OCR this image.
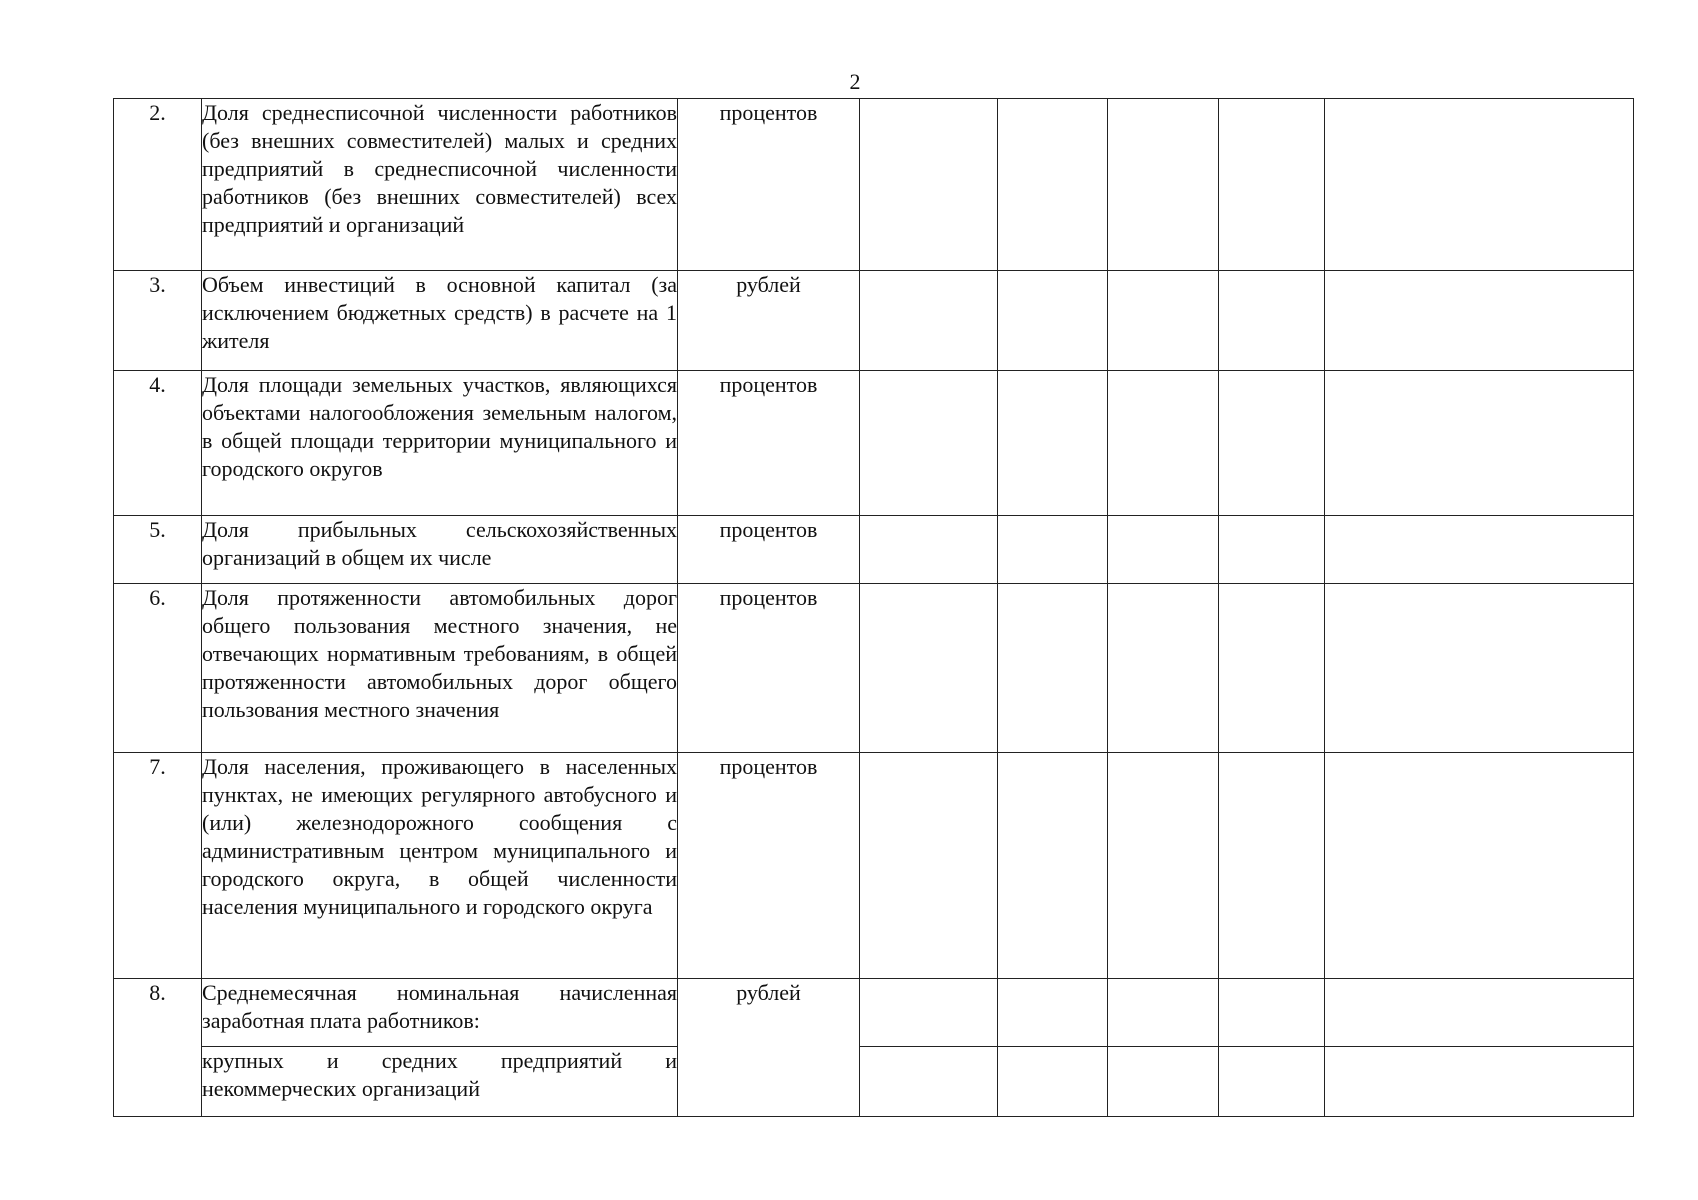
2
2.	Доля среднесписочной численности работников (без внешних совместителей) малых и средних предприятий в среднесписочной численности работников (без внешних совместителей) всех предприятий и организаций	процентов					
3.	Объем инвестиций в основной капитал (за исключением бюджетных средств) в расчете на 1 жителя	рублей					
4.	Доля площади земельных участков, являющихся объектами налогообложения земельным налогом, в общей площади территории муниципального и городского округов	процентов					
5.	Доля прибыльных сельскохозяйственных организаций в общем их числе	процентов					
6.	Доля протяженности автомобильных дорог общего пользования местного значения, не отвечающих нормативным требованиям, в общей протяженности автомобильных дорог общего пользования местного значения	процентов					
7.	Доля населения, проживающего в населенных пунктах, не имеющих регулярного автобусного и (или) железнодорожного сообщения с административным центром муниципального и городского округа, в общей численности населения муниципального и городского округа	процентов					
8.	Среднемесячная номинальная начисленная заработная плата работников:	рублей					
	крупных и средних предприятий и некоммерческих организаций						
